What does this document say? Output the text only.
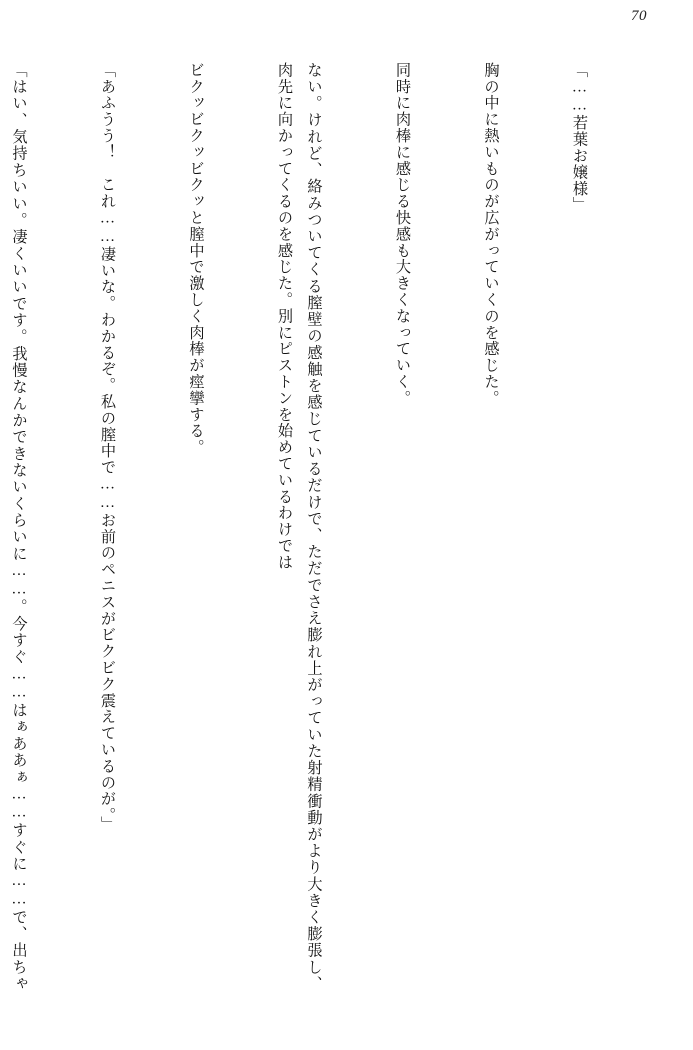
70

「……若葉お嬢様」

胸の中に熱いものが広がっていくのを感じた。

同時に肉棒に感じる快感も大きくなっていく。

ない。けれど、絡みついてくる膣壁の感触を感じているだけで、ただでさえ膨れ上がっていた射精衝動がより大きく膨張し、肉先に向かってくるのを感じた。別にピストンを始めているわけでは

ビクッビクッビクッと膣中で激しく肉棒が痙攣する。

「あふうう！　これ……凄いな。わかるぞ。私の膣中で……お前のペニスがビクビク震えているのが。」

「はい、気持ちいい。凄くいいです。我慢なんかできないくらいに……。今すぐ……はぁああぁ……すぐに……で、出ちゃ
